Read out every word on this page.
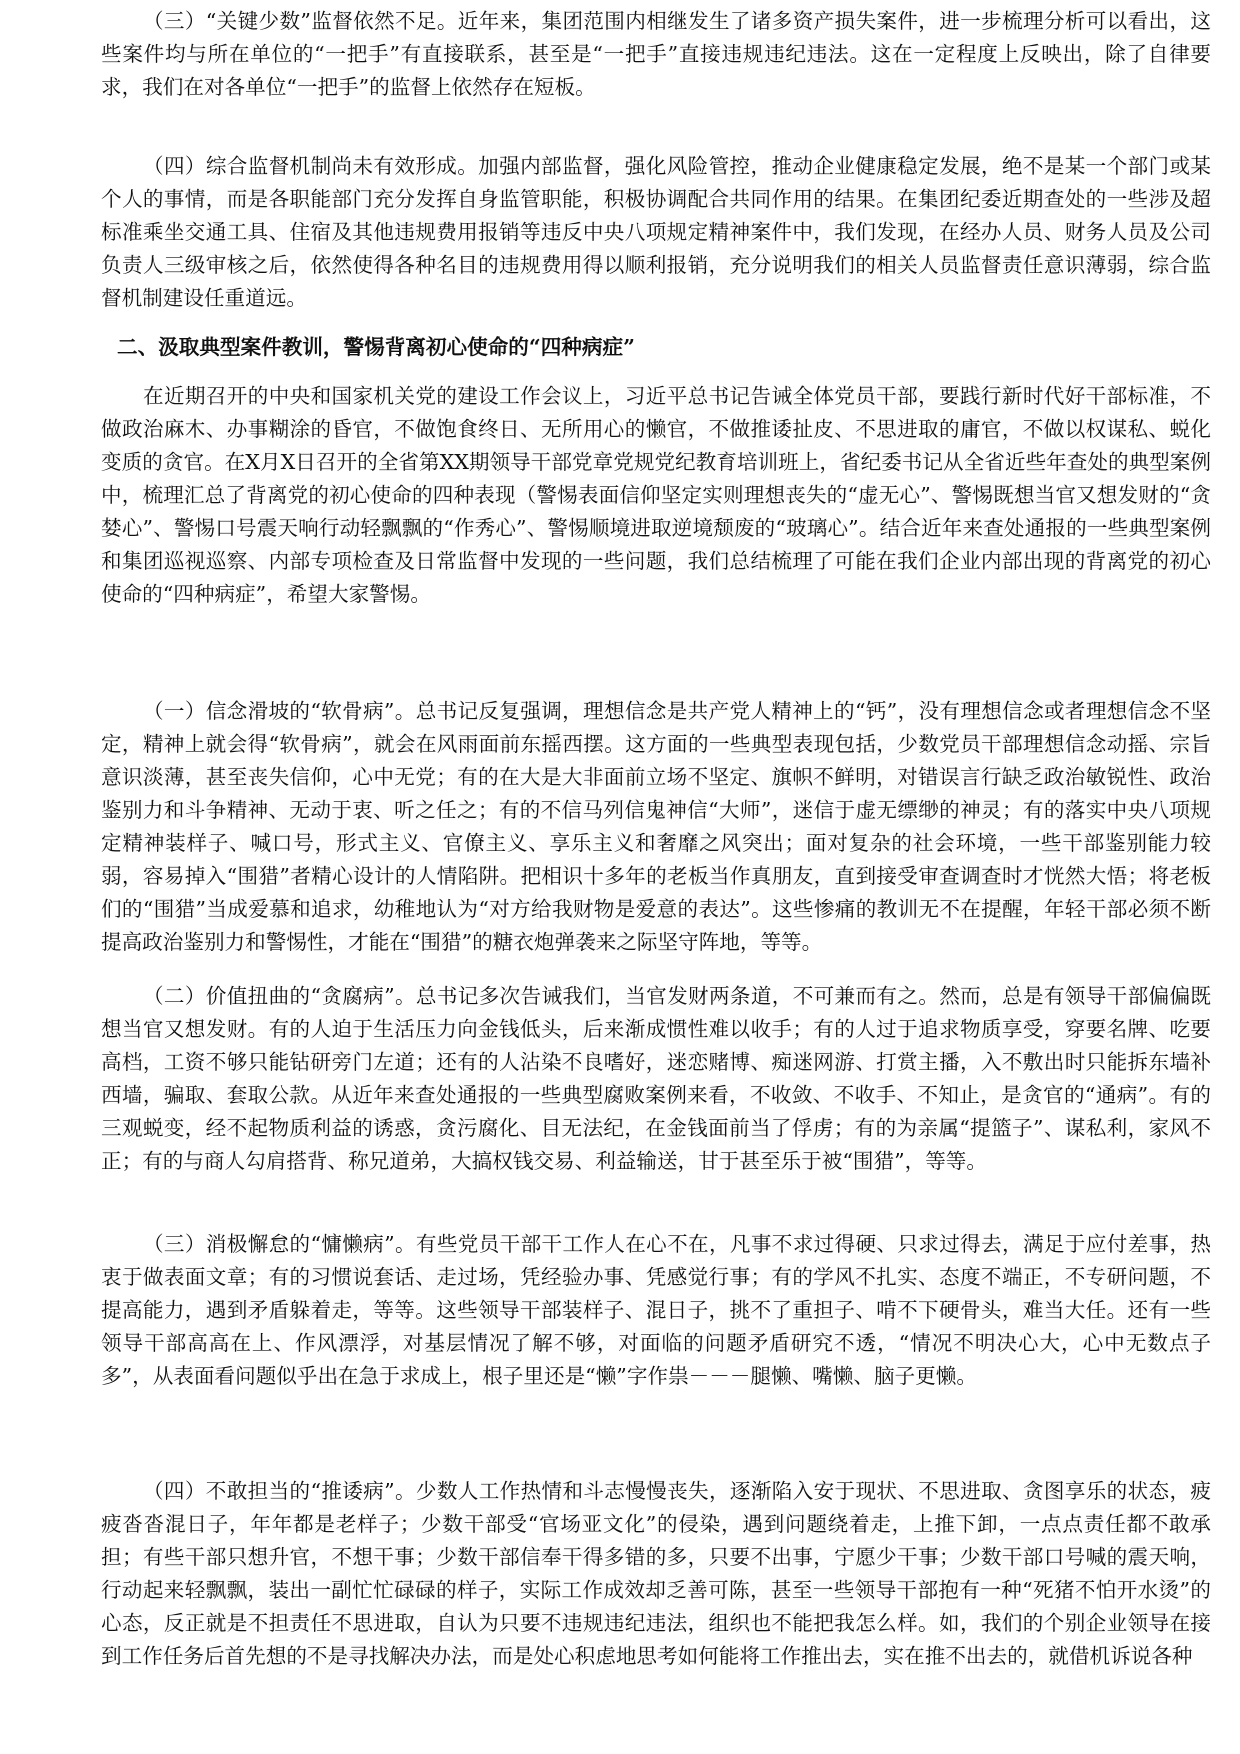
（三）“关键少数”监督依然不足。近年来，集团范围内相继发生了诸多资产损失案件，进一步梳理分析可以看出，这些案件均与所在单位的“一把手”有直接联系，甚至是“一把手”直接违规违纪违法。这在一定程度上反映出，除了自律要求，我们在对各单位“一把手”的监督上依然存在短板。

（四）综合监督机制尚未有效形成。加强内部监督，强化风险管控，推动企业健康稳定发展，绝不是某一个部门或某个人的事情，而是各职能部门充分发挥自身监管职能，积极协调配合共同作用的结果。在集团纪委近期查处的一些涉及超标准乘坐交通工具、住宿及其他违规费用报销等违反中央八项规定精神案件中，我们发现，在经办人员、财务人员及公司负责人三级审核之后，依然使得各种名目的违规费用得以顺利报销，充分说明我们的相关人员监督责任意识薄弱，综合监督机制建设任重道远。

二、汲取典型案件教训，警惕背离初心使命的“四种病症”

在近期召开的中央和国家机关党的建设工作会议上，习近平总书记告诫全体党员干部，要践行新时代好干部标准，不做政治麻木、办事糊涂的昏官，不做饱食终日、无所用心的懒官，不做推诿扯皮、不思进取的庸官，不做以权谋私、蜕化变质的贪官。在X月X日召开的全省第XX期领导干部党章党规党纪教育培训班上，省纪委书记从全省近些年查处的典型案例中，梳理汇总了背离党的初心使命的四种表现（警惕表面信仰坚定实则理想丧失的“虚无心”、警惕既想当官又想发财的“贪婪心”、警惕口号震天响行动轻飘飘的“作秀心”、警惕顺境进取逆境颓废的“玻璃心”。结合近年来查处通报的一些典型案例和集团巡视巡察、内部专项检查及日常监督中发现的一些问题，我们总结梳理了可能在我们企业内部出现的背离党的初心使命的“四种病症”，希望大家警惕。

（一）信念滑坡的“软骨病”。总书记反复强调，理想信念是共产党人精神上的“钙”，没有理想信念或者理想信念不坚定，精神上就会得“软骨病”，就会在风雨面前东摇西摆。这方面的一些典型表现包括，少数党员干部理想信念动摇、宗旨意识淡薄，甚至丧失信仰，心中无党；有的在大是大非面前立场不坚定、旗帜不鲜明，对错误言行缺乏政治敏锐性、政治鉴别力和斗争精神、无动于衷、听之任之；有的不信马列信鬼神信“大师”，迷信于虚无缥缈的神灵；有的落实中央八项规定精神装样子、喊口号，形式主义、官僚主义、享乐主义和奢靡之风突出；面对复杂的社会环境，一些干部鉴别能力较弱，容易掉入“围猎”者精心设计的人情陷阱。把相识十多年的老板当作真朋友，直到接受审查调查时才恍然大悟；将老板们的“围猎”当成爱慕和追求，幼稚地认为“对方给我财物是爱意的表达”。这些惨痛的教训无不在提醒，年轻干部必须不断提高政治鉴别力和警惕性，才能在“围猎”的糖衣炮弹袭来之际坚守阵地，等等。

（二）价值扭曲的“贪腐病”。总书记多次告诫我们，当官发财两条道，不可兼而有之。然而，总是有领导干部偏偏既想当官又想发财。有的人迫于生活压力向金钱低头，后来渐成惯性难以收手；有的人过于追求物质享受，穿要名牌、吃要高档，工资不够只能钻研旁门左道；还有的人沾染不良嗜好，迷恋赌博、痴迷网游、打赏主播，入不敷出时只能拆东墙补西墙，骗取、套取公款。从近年来查处通报的一些典型腐败案例来看，不收敛、不收手、不知止，是贪官的“通病”。有的三观蜕变，经不起物质利益的诱惑，贪污腐化、目无法纪，在金钱面前当了俘虏；有的为亲属“提篮子”、谋私利，家风不正；有的与商人勾肩搭背、称兄道弟，大搞权钱交易、利益输送，甘于甚至乐于被“围猎”，等等。

（三）消极懈怠的“慵懒病”。有些党员干部干工作人在心不在，凡事不求过得硬、只求过得去，满足于应付差事，热衷于做表面文章；有的习惯说套话、走过场，凭经验办事、凭感觉行事；有的学风不扎实、态度不端正，不专研问题，不提高能力，遇到矛盾躲着走，等等。这些领导干部装样子、混日子，挑不了重担子、啃不下硬骨头，难当大任。还有一些领导干部高高在上、作风漂浮，对基层情况了解不够，对面临的问题矛盾研究不透，“情况不明决心大，心中无数点子多”，从表面看问题似乎出在急于求成上，根子里还是“懒”字作祟－－－腿懒、嘴懒、脑子更懒。

（四）不敢担当的“推诿病”。少数人工作热情和斗志慢慢丧失，逐渐陷入安于现状、不思进取、贪图享乐的状态，疲疲沓沓混日子，年年都是老样子；少数干部受“官场亚文化”的侵染，遇到问题绕着走，上推下卸，一点点责任都不敢承担；有些干部只想升官，不想干事；少数干部信奉干得多错的多，只要不出事，宁愿少干事；少数干部口号喊的震天响，行动起来轻飘飘，装出一副忙忙碌碌的样子，实际工作成效却乏善可陈，甚至一些领导干部抱有一种“死猪不怕开水烫”的心态，反正就是不担责任不思进取，自认为只要不违规违纪违法，组织也不能把我怎么样。如，我们的个别企业领导在接到工作任务后首先想的不是寻找解决办法，而是处心积虑地思考如何能将工作推出去，实在推不出去的，就借机诉说各种
